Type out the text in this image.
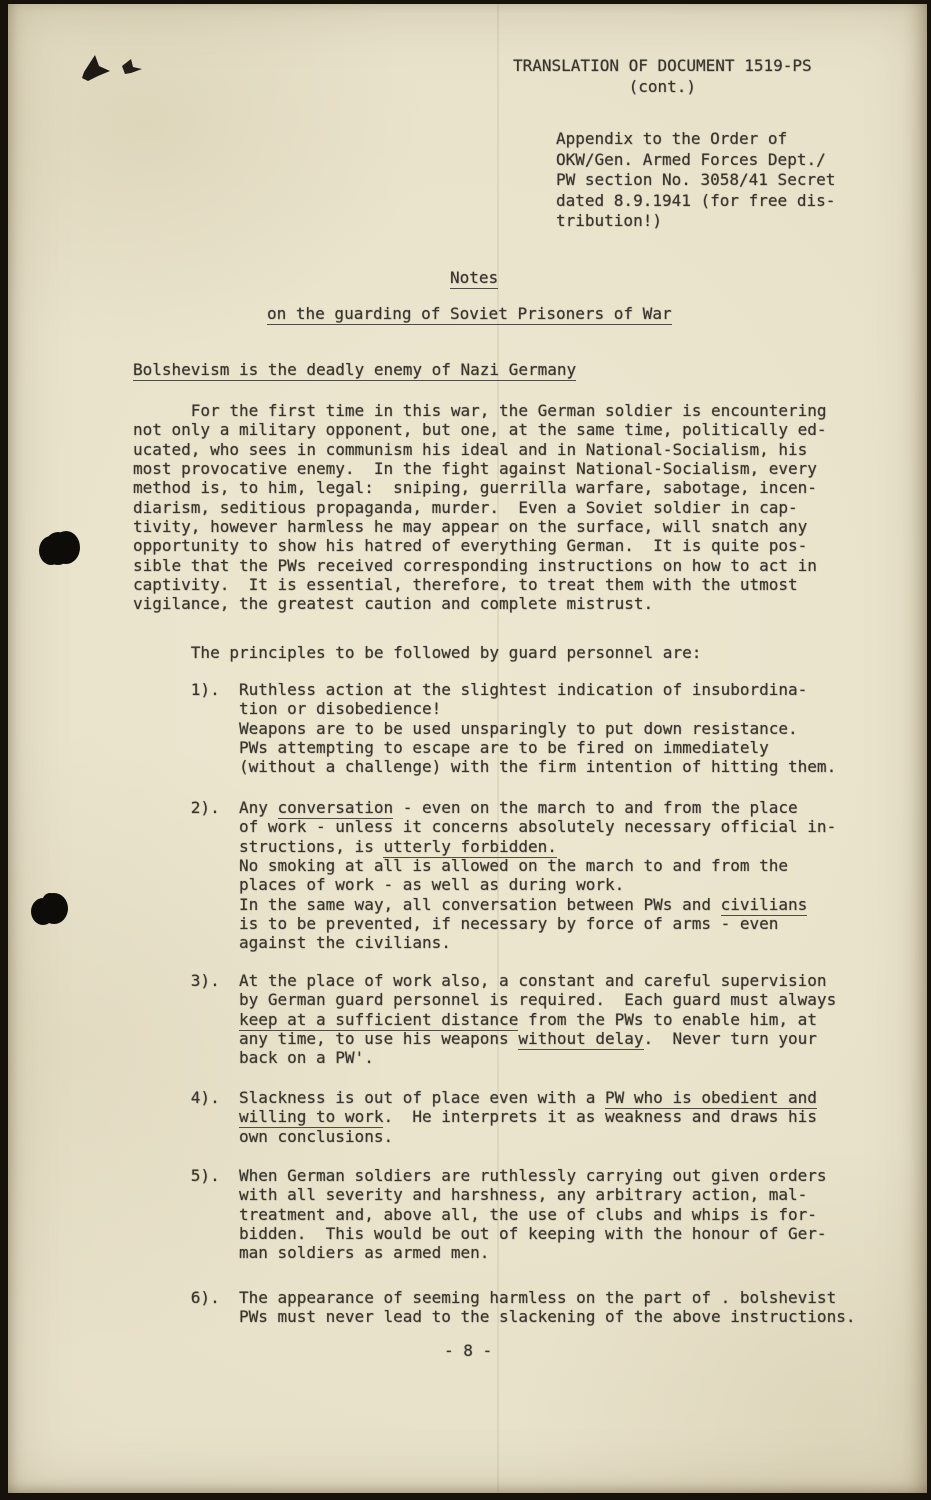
TRANSLATION OF DOCUMENT 1519-PS
(cont.)
Appendix to the Order of
OKW/Gen. Armed Forces Dept./
PW section No. 3058/41 Secret
dated 8.9.1941 (for free dis-
tribution!)
Notes
on the guarding of Soviet Prisoners of War
Bolshevism is the deadly enemy of Nazi Germany
For the first time in this war, the German soldier is encountering
not only a military opponent, but one, at the same time, politically ed-
ucated, who sees in communism his ideal and in National-Socialism, his
most provocative enemy.  In the fight against National-Socialism, every
method is, to him, legal:  sniping, guerrilla warfare, sabotage, incen-
diarism, seditious propaganda, murder.  Even a Soviet soldier in cap-
tivity, however harmless he may appear on the surface, will snatch any
opportunity to show his hatred of everything German.  It is quite pos-
sible that the PWs received corresponding instructions on how to act in
captivity.  It is essential, therefore, to treat them with the utmost
vigilance, the greatest caution and complete mistrust.
The principles to be followed by guard personnel are:
1).  Ruthless action at the slightest indication of insubordina-
tion or disobedience!
Weapons are to be used unsparingly to put down resistance.
PWs attempting to escape are to be fired on immediately
(without a challenge) with the firm intention of hitting them.
2).  Any conversation - even on the march to and from the place
of work - unless it concerns absolutely necessary official in-
structions, is utterly forbidden.
No smoking at all is allowed on the march to and from the
places of work - as well as during work.
In the same way, all conversation between PWs and civilians
is to be prevented, if necessary by force of arms - even
against the civilians.
3).  At the place of work also, a constant and careful supervision
by German guard personnel is required.  Each guard must always
keep at a sufficient distance from the PWs to enable him, at
any time, to use his weapons without delay.  Never turn your
back on a PW'.
4).  Slackness is out of place even with a PW who is obedient and
willing to work.  He interprets it as weakness and draws his
own conclusions.
5).  When German soldiers are ruthlessly carrying out given orders
with all severity and harshness, any arbitrary action, mal-
treatment and, above all, the use of clubs and whips is for-
bidden.  This would be out of keeping with the honour of Ger-
man soldiers as armed men.
6).  The appearance of seeming harmless on the part of . bolshevist
PWs must never lead to the slackening of the above instructions.
- 8 -
